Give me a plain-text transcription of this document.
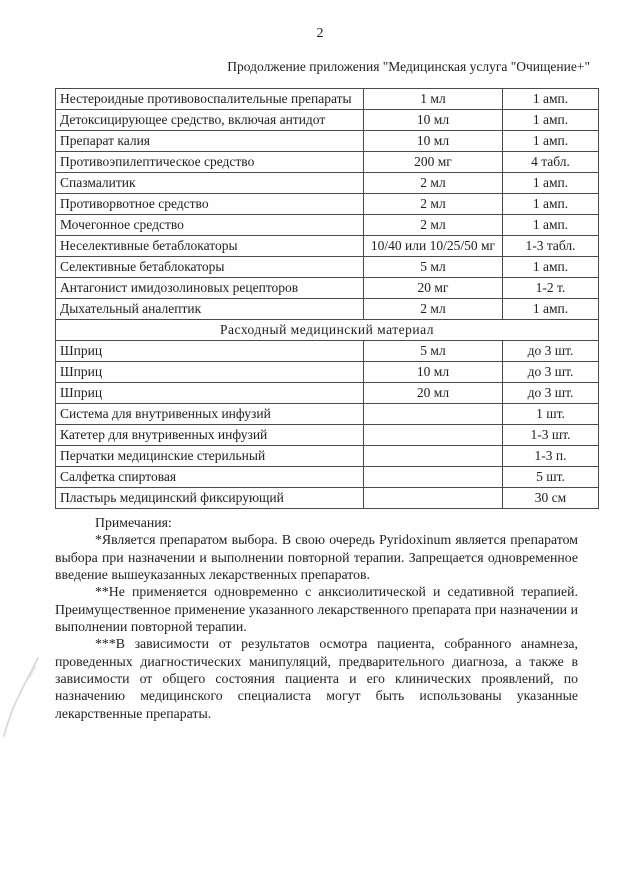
2
Продолжение приложения "Медицинская услуга "Очищение+"
Нестероидные противовоспалительные препараты	1 мл	1 амп.
Детоксицирующее средство, включая антидот	10 мл	1 амп.
Препарат калия	10 мл	1 амп.
Противоэпилептическое средство	200 мг	4 табл.
Спазмалитик	2 мл	1 амп.
Противорвотное средство	2 мл	1 амп.
Мочегонное средство	2 мл	1 амп.
Неселективные бетаблокаторы	10/40 или 10/25/50 мг	1-3 табл.
Селективные бетаблокаторы	5 мл	1 амп.
Антагонист имидозолиновых рецепторов	20 мг	1-2 т.
Дыхательный аналептик	2 мл	1 амп.
Расходный медицинский материал		
Шприц	5 мл	до 3 шт.
Шприц	10 мл	до 3 шт.
Шприц	20 мл	до 3 шт.
Система для внутривенных инфузий		1 шт.
Катетер для внутривенных инфузий		1-3 шт.
Перчатки медицинские стерильный		1-3 п.
Салфетка спиртовая		5 шт.
Пластырь медицинский фиксирующий		30 см

Примечания:

*Является препаратом выбора. В свою очередь Pyridoxinum является препаратом выбора при назначении и выполнении повторной терапии. Запрещается одновременное введение вышеуказанных лекарственных препаратов.

**Не применяется одновременно с анксиолитической и седативной терапией. Преимущественное применение указанного лекарственного препарата при назначении и выполнении повторной терапии.

***В зависимости от результатов осмотра пациента, собранного анамнеза, проведенных диагностических манипуляций, предварительного диагноза, а также в зависимости от общего состояния пациента и его клинических проявлений, по назначению медицинского специалиста могут быть использованы указанные лекарственные препараты.
